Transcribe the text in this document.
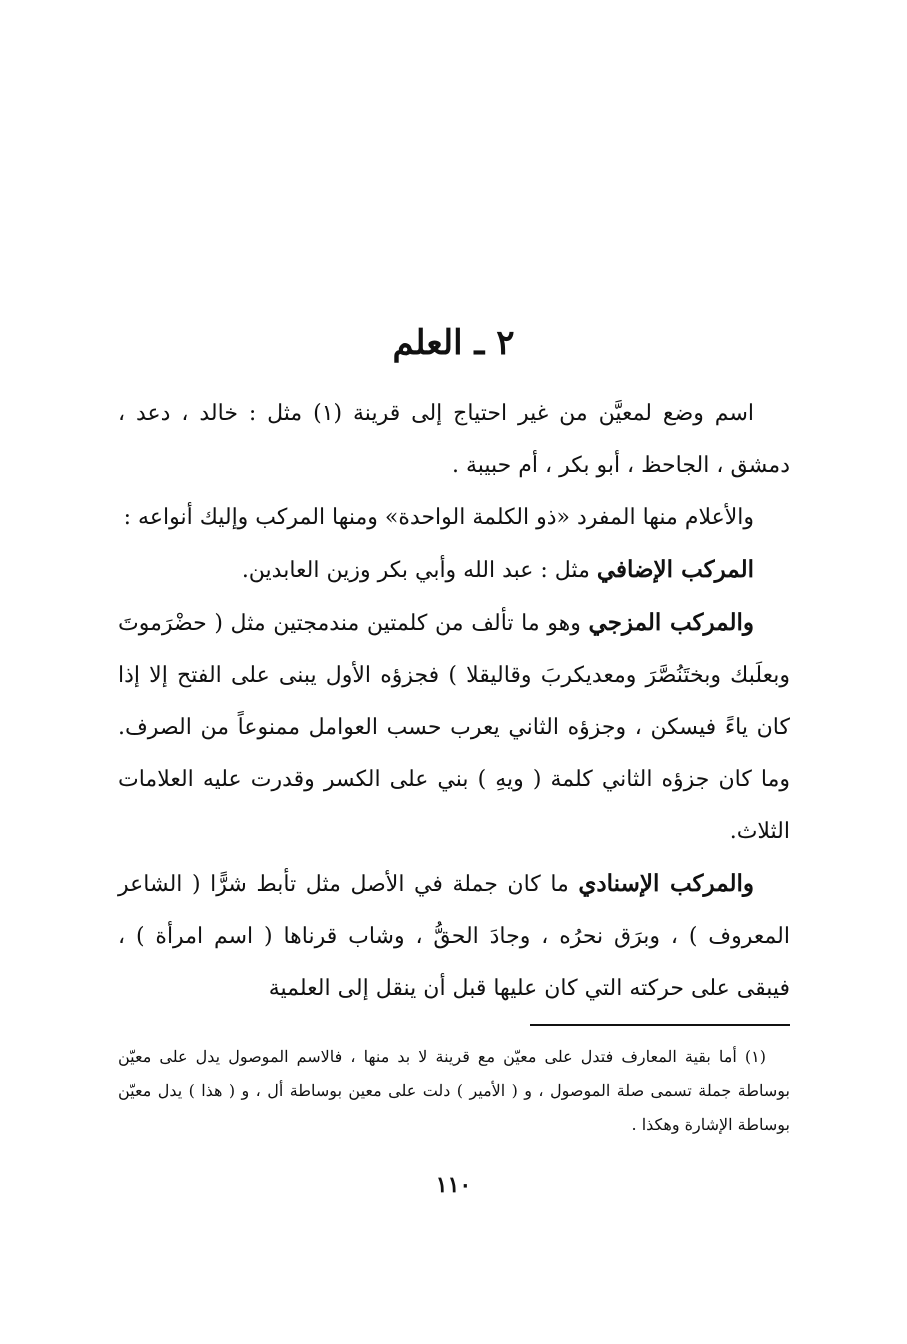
٢ ـ العلم

اسم وضع لمعيَّن من غير احتياج إلى قرينة (١) مثل : خالد ، دعد ، دمشق ، الجاحظ ، أبو بكر ، أم حبيبة .

والأعلام منها المفرد «ذو الكلمة الواحدة» ومنها المركب وإليك أنواعه :

المركب الإضافي مثل : عبد الله وأبي بكر وزين العابدين.

والمركب المزجي وهو ما تألف من كلمتين مندمجتين مثل ( حضْرَموتَ وبعلَبك وبختَنُصَّرَ ومعديكربَ وقاليقلا ) فجزؤه الأول يبنى على الفتح إلا إذا كان ياءً فيسكن ، وجزؤه الثاني يعرب حسب العوامل ممنوعاً من الصرف. وما كان جزؤه الثاني كلمة ( ويهِ ) بني على الكسر وقدرت عليه العلامات الثلاث.

والمركب الإسنادي ما كان جملة في الأصل مثل تأبط شرًّا ( الشاعر المعروف ) ، وبرَق نحرُه ، وجادَ الحقُّ ، وشاب قرناها ( اسم امرأة ) ، فيبقى على حركته التي كان عليها قبل أن ينقل إلى العلمية

(١) أما بقية المعارف فتدل على معيّن مع قرينة لا بد منها ، فالاسم الموصول يدل على معيّن بوساطة جملة تسمى صلة الموصول ، و ( الأمير ) دلت على معين بوساطة أل ، و ( هذا ) يدل معيّن بوساطة الإشارة وهكذا .

١١٠
